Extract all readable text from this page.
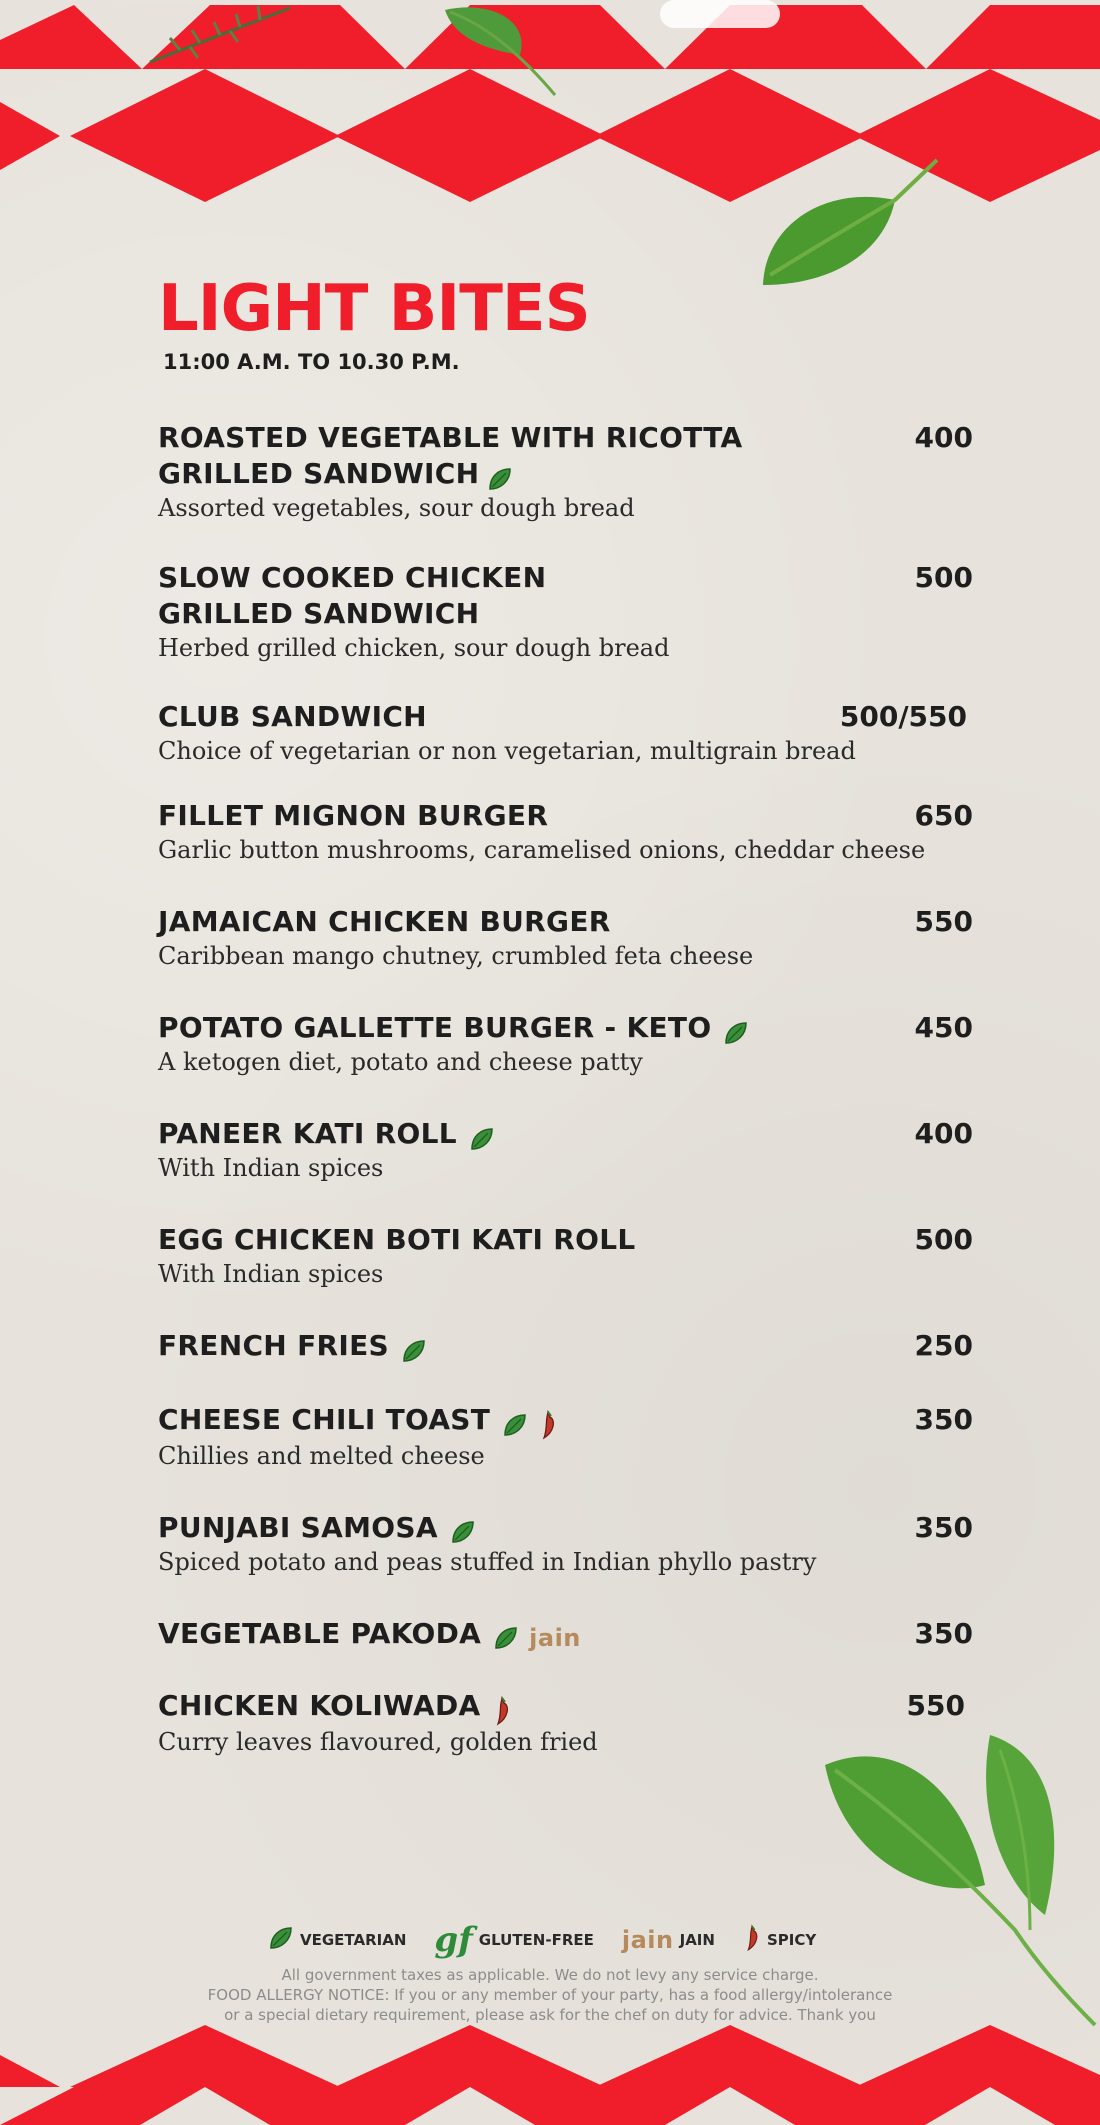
LIGHT BITES
11:00 A.M. TO 10.30 P.M.
ROASTED VEGETABLE WITH RICOTTA
GRILLED SANDWICH
400
Assorted vegetables, sour dough bread
SLOW COOKED CHICKEN
GRILLED SANDWICH
500
Herbed grilled chicken, sour dough bread
CLUB SANDWICH	500/550
Choice of vegetarian or non vegetarian, multigrain bread
FILLET MIGNON BURGER	650
Garlic button mushrooms, caramelised onions, cheddar cheese
JAMAICAN CHICKEN BURGER	550
Caribbean mango chutney, crumbled feta cheese
POTATO GALLETTE BURGER - KETO	450
A ketogen diet, potato and cheese patty
PANEER KATI ROLL	400
With Indian spices
EGG CHICKEN BOTI KATI ROLL	500
With Indian spices
FRENCH FRIES	250
CHEESE CHILI TOAST	350
Chillies and melted cheese
PUNJABI SAMOSA	350
Spiced potato and peas stuffed in Indian phyllo pastry
VEGETABLE PAKODA jain	350
CHICKEN KOLIWADA	550
Curry leaves flavoured, golden fried
VEGETARIAN gf GLUTEN-FREE jain JAIN	SPICY
All government taxes as applicable. We do not levy any service charge.
FOOD ALLERGY NOTICE: If you or any member of your party, has a food allergy/intolerance
or a special dietary requirement, please ask for the chef on duty for advice. Thank you
